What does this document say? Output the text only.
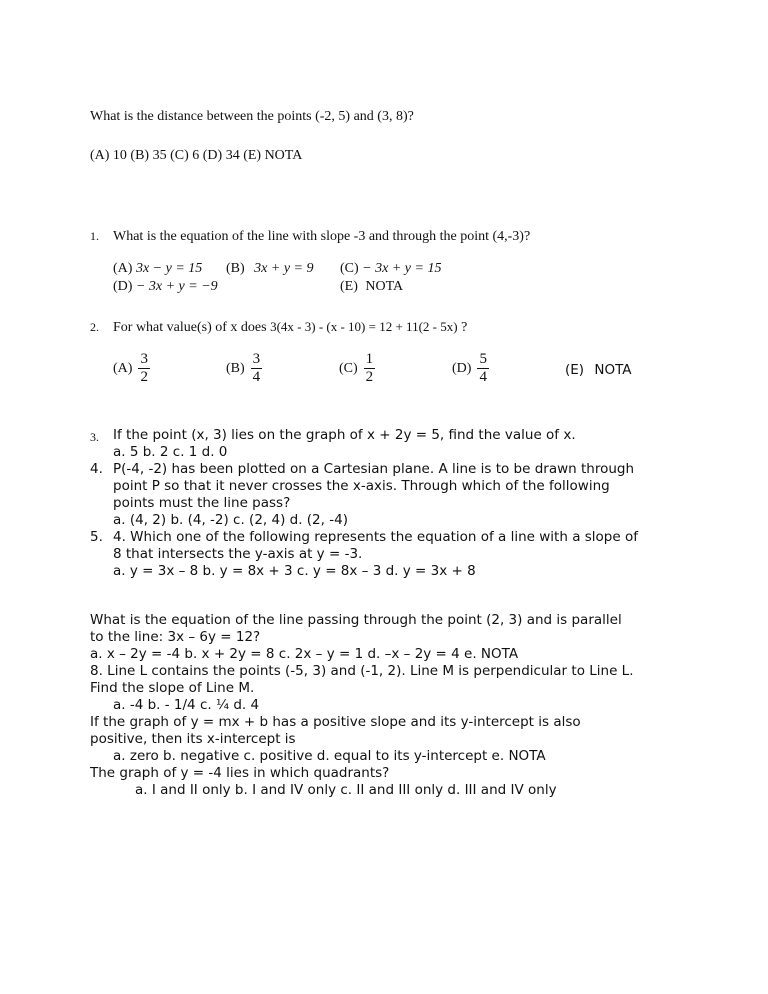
What is the distance between the points (-2, 5) and (3, 8)?
(A) 10 (B) 35 (C) 6 (D) 34 (E) NOTA
1. What is the equation of the line with slope -3 and through the point (4,-3)?
(A) 3x − y = 15 (B) 3x + y = 9 (C) − 3x + y = 15
(D) − 3x + y = −9	(E) NOTA
2. For what value(s) of x does 3(4x - 3) - (x - 10) = 12 + 11(2 - 5x) ?
$(A) \frac{3}{2}$	$(B) \frac{3}{4}$	$(C) \frac{1}{2}$	$(D) \frac{5}{4}$	(E) NOTA
3. If the point (x, 3) lies on the graph of x + 2y = 5, find the value of x.
a. 5 b. 2 c. 1 d. 0
4. P(-4, -2) has been plotted on a Cartesian plane. A line is to be drawn through
point P so that it never crosses the x-axis. Through which of the following
points must the line pass?
a. (4, 2) b. (4, -2) c. (2, 4) d. (2, -4)
5. 4. Which one of the following represents the equation of a line with a slope of
8 that intersects the y-axis at y = -3.
a. y = 3x – 8 b. y = 8x + 3 c. y = 8x – 3 d. y = 3x + 8
What is the equation of the line passing through the point (2, 3) and is parallel
to the line: 3x – 6y = 12?
a. x – 2y = -4 b. x + 2y = 8 c. 2x – y = 1 d. –x – 2y = 4 e. NOTA
8. Line L contains the points (-5, 3) and (-1, 2). Line M is perpendicular to Line L.
Find the slope of Line M.
a. -4 b. - 1/4 c. ¼ d. 4
If the graph of y = mx + b has a positive slope and its y-intercept is also
positive, then its x-intercept is
a. zero b. negative c. positive d. equal to its y-intercept e. NOTA
The graph of y = -4 lies in which quadrants?
a. I and II only b. I and IV only c. II and III only d. III and IV only
